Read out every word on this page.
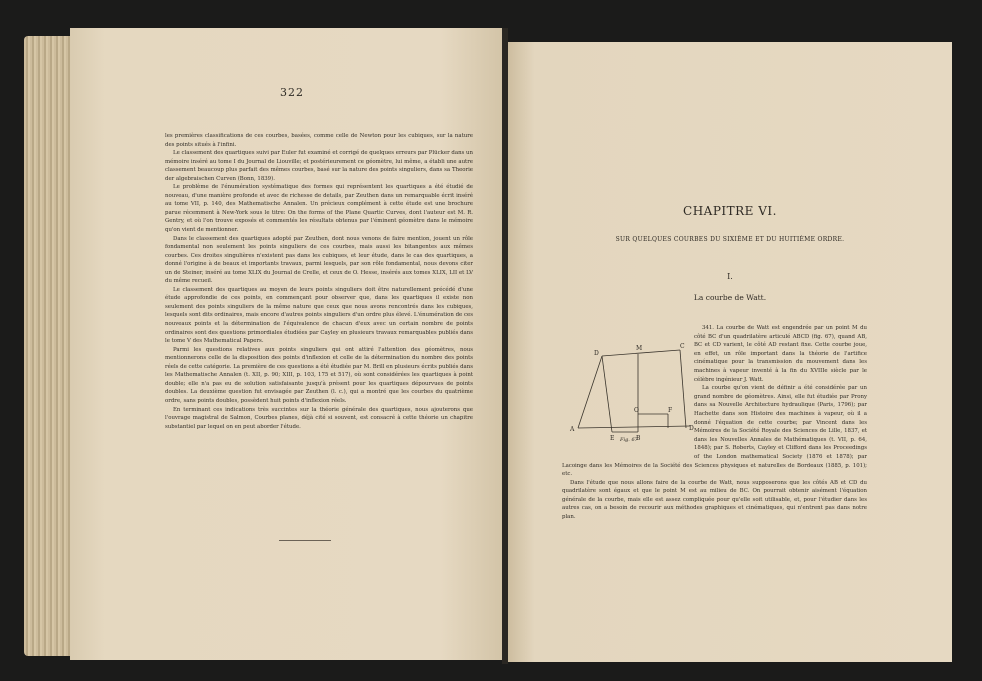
322

les premières classifications de ces courbes, basées, comme celle de Newton pour les cubiques, sur la nature des points situés à l'infini.

Le classement des quartiques suivi par Euler fut examiné et corrigé de quelques erreurs par Plücker dans un mémoire inséré au tome I du Journal de Liouville; et postérieurement ce géomètre, lui même, a établi une autre classement beaucoup plus parfait des mêmes courbes, basé sur la nature des points singuliers, dans sa Theorie der algebraischen Curven (Bonn, 1839).

Le problème de l'énumération systématique des formes qui représentent les quartiques a été étudié de nouveau, d'une manière profonde et avec de richesse de details, par Zeuthen dans un remarquable écrit inséré au tome VII, p. 140, des Mathematische Annalen. Un précieux complément à cette étude est une brochure parue récemment à New-York sous le titre: On the forms of the Plane Quartic Curves, dont l'auteur est M. R. Gentry, et où l'on trouve exposés et commentés les résultats obtenus par l'éminent géomètre dans le mémoire qu'on vient de mentionner.

Dans le classement des quartiques adopté par Zeuthen, dont nous venons de faire mention, jouent un rôle fondamental non seulement les points singuliers de ces courbes, mais aussi les bitangentes aux mêmes courbes. Ces droites singulières n'existent pas dans les cubiques, et leur étude, dans le cas des quartiques, a donné l'origine à de beaux et importants travaux, parmi lesquels, par son rôle fondamental, nous devons citer un de Steiner, inséré au tome XLIX du Journal de Crelle, et ceux de O. Hesse, insérés aux tomes XLIX, LII et LV du même recueil.

Le classement des quartiques au moyen de leurs points singuliers doit être naturellement précédé d'une étude approfondie de ces points, en commençant pour observer que, dans les quartiques il existe non seulement des points singuliers de la même nature que ceux que nous avons rencontrés dans les cubiques, lesquels sont dits ordinaires, mais encore d'autres points singuliers d'un ordre plus élevé. L'énumération de ces nouveaux points et la détermination de l'équivalence de chacun d'eux avec un certain nombre de points ordinaires sont des questions primordiales étudiées par Cayley en plusieurs travaux remarquables publiés dans le tome V des Mathematical Papers.

Parmi les questions relatives aux points singuliers qui ont attiré l'attention des géomètres, nous mentionnerons celle de la disposition des points d'inflexion et celle de la détermination du nombre des points réels de cette catégorie. La première de ces questions a été étudiée par M. Brill en plusieurs écrits publiés dans les Mathematische Annalen (t. XII, p. 90; XIII, p. 103, 175 et 517), où sont considérées les quartiques à point double; elle n'a pas eu de solution satisfaisante jusqu'à présent pour les quartiques dépourvues de points doubles. La deuxième question fut envisagée par Zeuthen (l. c.), qui a montré que les courbes du quatrième ordre, sans points doubles, possèdent huit points d'inflexion réels.

En terminant ces indications très succintes sur la théorie générale des quartiques, nous ajouterons que l'ouvrage magistral de Salmon, Courbes planes, déjà cité si souvent, est consacré à cette théorie un chapitre substantiel par lequel on en peut aborder l'étude.

CHAPITRE VI.
SUR QUELQUES COURBES DU SIXIÈME ET DU HUITIÈME ORDRE.
I.
La courbe de Watt.

341. La courbe de Watt est engendrée par un point M du côté BC d'un quadrilatère articulé ABCD (fig. 67), quand AB, BC et CD varient, le côté AD restant fixe. Cette courbe joue, en effet, un rôle important dans la théorie de l'artifice cinématique pour la transmission du mouvement dans les machines à vapeur inventé à la fin du XVIIIe siècle par le célèbre ingénieur J. Watt.

La courbe qu'on vient de définir a été considérée par un grand nombre de géomètres. Ainsi, elle fut étudiée par Prony dans sa Nouvelle Architecture hydraulique (Paris, 1796); par Hachette dans son Histoire des machines à vapeur, où il a donné l'équation de cette courbe; par Vincent dans les Mémoires de la Société Royale des Sciences de Lille, 1837, et dans les Nouvelles Annales de Mathématiques (t. VII, p. 64, 1848); par S. Roberts, Cayley et Clifford dans les Proceedings of the London mathematical Society (1876 et 1878); par Lacoinge dans les Mémoires de la Société des Sciences physiques et naturelles de Bordeaux (1885, p. 101); etc.

Dans l'étude que nous allons faire de la courbe de Watt, nous supposerons que les côtés AB et CD du quadrilatère sont égaux et que le point M est au milieu de BC. On pourrait obtenir aisément l'équation générale de la courbe, mais elle est assez compliquée pour qu'elle soit utilisable, et, pour l'étudier dans les autres cas, on a besoin de recourir aux méthodes graphiques et cinématiques, qui n'entrent pas dans notre plan.

D
M	C
A
E	B
O	F
D
Fig. 67
